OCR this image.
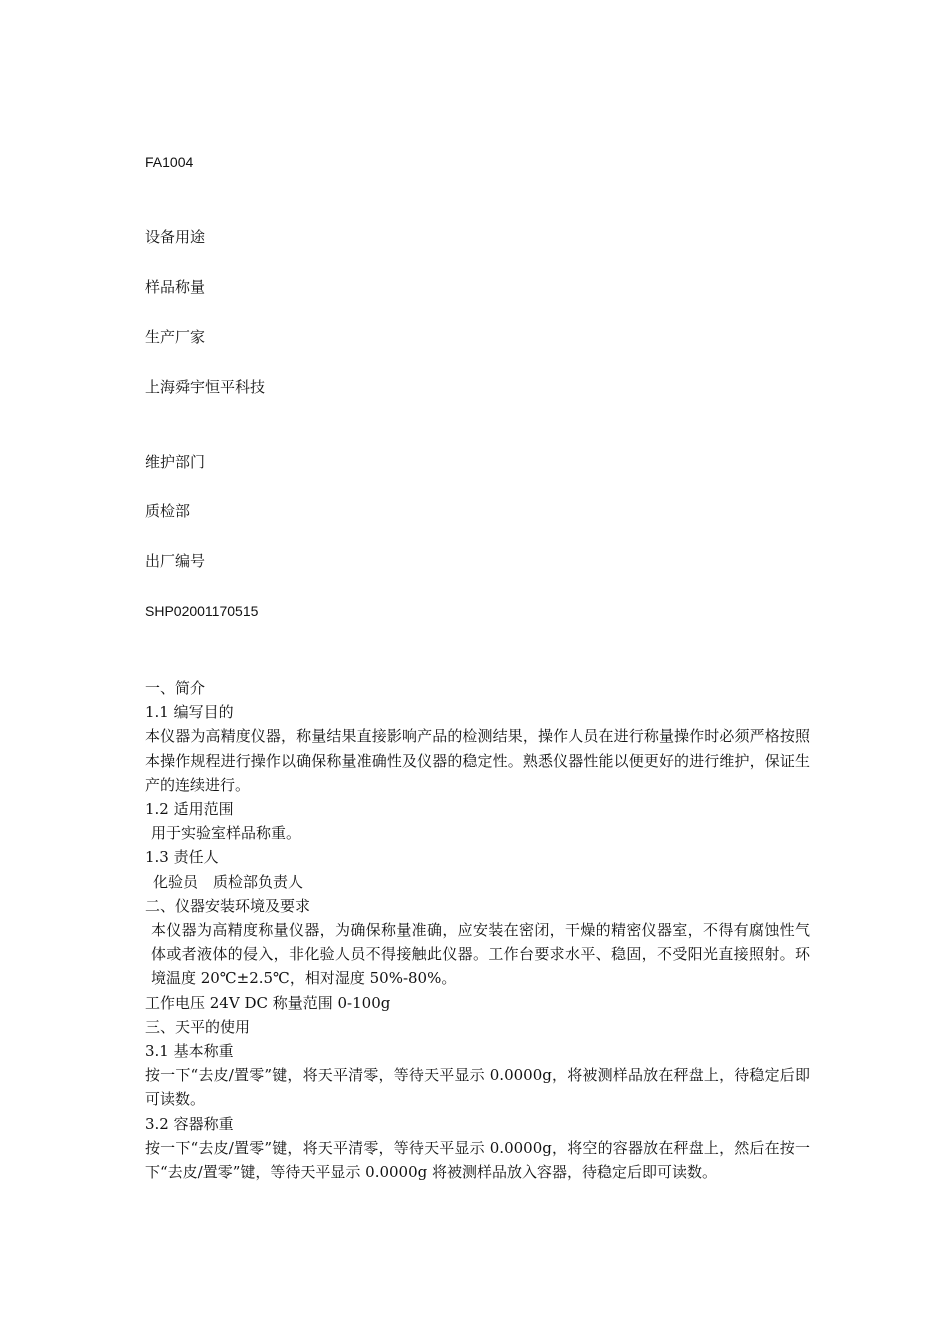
FA1004
设备用途
样品称量
生产厂家
上海舜宇恒平科技
维护部门
质检部
出厂编号
SHP02001170515

一、简介

1.1 编写目的

本仪器为高精度仪器，称量结果直接影响产品的检测结果，操作人员在进行称量操作时必须严格按照本操作规程进行操作以确保称量准确性及仪器的稳定性。熟悉仪器性能以便更好的进行维护，保证生产的连续进行。

1.2 适用范围

用于实验室样品称重。

1.3 责任人

化验员　质检部负责人

二、仪器安装环境及要求

本仪器为高精度称量仪器，为确保称量准确，应安装在密闭，干燥的精密仪器室，不得有腐蚀性气体或者液体的侵入，非化验人员不得接触此仪器。工作台要求水平、稳固，不受阳光直接照射。环境温度 20℃±2.5℃，相对湿度 50%-80%。

工作电压 24V DC 称量范围 0-100g

三、天平的使用

3.1 基本称重

按一下“去皮/置零”键，将天平清零，等待天平显示 0.0000g，将被测样品放在秤盘上，待稳定后即可读数。

3.2 容器称重

按一下“去皮/置零”键，将天平清零，等待天平显示 0.0000g，将空的容器放在秤盘上，然后在按一下“去皮/置零”键，等待天平显示 0.0000g 将被测样品放入容器，待稳定后即可读数。
